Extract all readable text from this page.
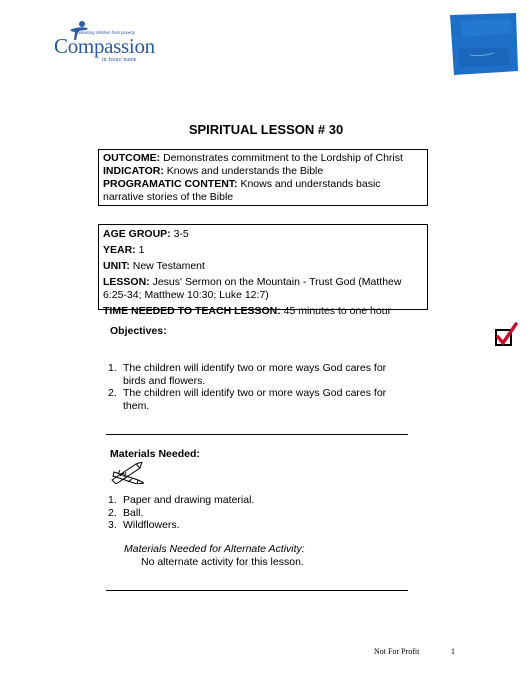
Releasing children from poverty
Compassion
in Jesus' name
SPIRITUAL LESSON # 30
OUTCOME: Demonstrates commitment to the Lordship of Christ
INDICATOR: Knows and understands the Bible
PROGRAMATIC CONTENT: Knows and understands basic narrative stories of the Bible
AGE GROUP: 3-5
YEAR: 1
UNIT: New Testament
LESSON: Jesus' Sermon on the Mountain - Trust God (Matthew 6:25-34; Matthew 10:30; Luke 12:7)
TIME NEEDED TO TEACH LESSON: 45 minutes to one hour
Objectives:
1. The children will identify two or more ways God cares for birds and flowers.
2. The children will identify two or more ways God cares for them.
Materials Needed:
1. Paper and drawing material.
2. Ball.
3. Wildflowers.
Materials Needed for Alternate Activity:
No alternate activity for this lesson.
Not For Profit	1
